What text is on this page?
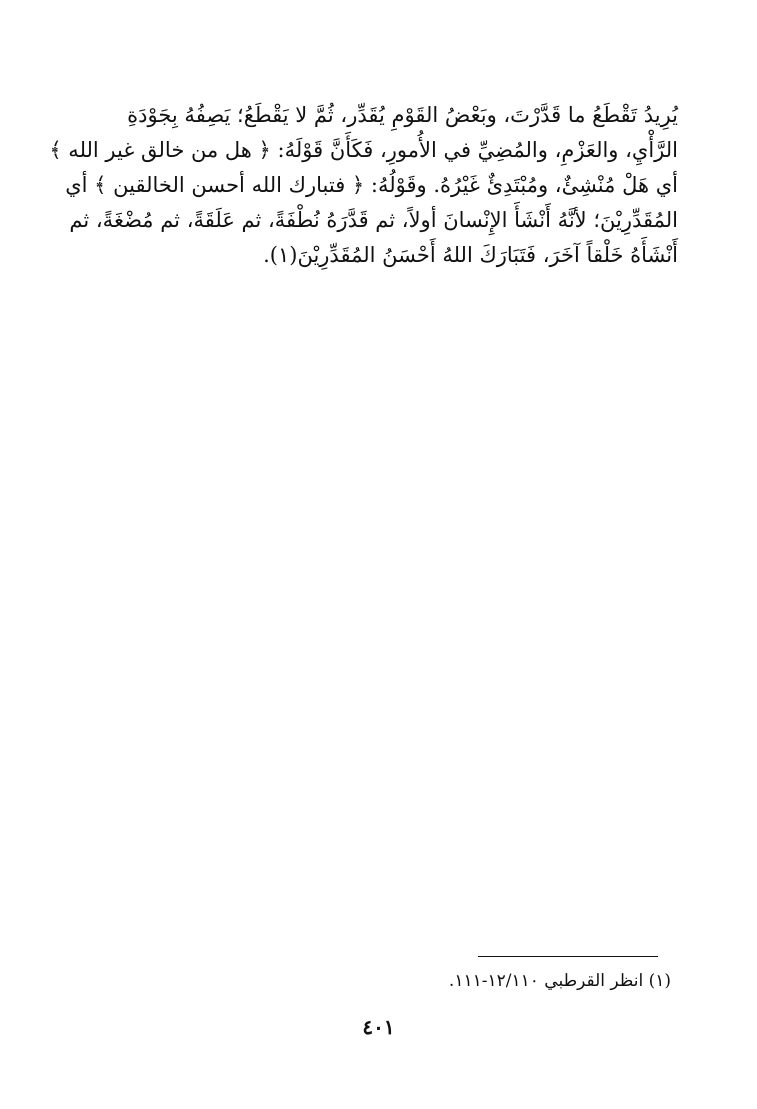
يُرِيدُ تَقْطَعُ ما قَدَّرْتَ، وبَعْضُ القَوْمِ يُقَدِّر، ثُمَّ لا يَقْطَعُ؛ يَصِفُهُ بِجَوْدَةِ
الرَّأْيِ، والعَزْمِ، والمُضِيِّ في الأُمورِ، فَكَأَنَّ قَوْلَهُ: ﴿ هل من خالق غير الله ﴾
أي هَلْ مُنْشِئٌ، ومُبْتَدِئٌ غَيْرُهُ. وقَوْلُهُ: ﴿ فتبارك الله أحسن الخالقين ﴾ أي
المُقَدِّرِيْنَ؛ لأنَّهُ أَنْشَأَ الإِنْسانَ أولاً، ثم قَدَّرَهُ نُطْفَةً، ثم عَلَقَةً، ثم مُضْغَةً، ثم
أَنْشَأَهُ خَلْقاً آخَرَ، فَتَبَارَكَ اللهُ أَحْسَنُ المُقَدِّرِيْنَ(١).
(١) انظر القرطبي ١٢/١١٠-١١١.
٤٠١
